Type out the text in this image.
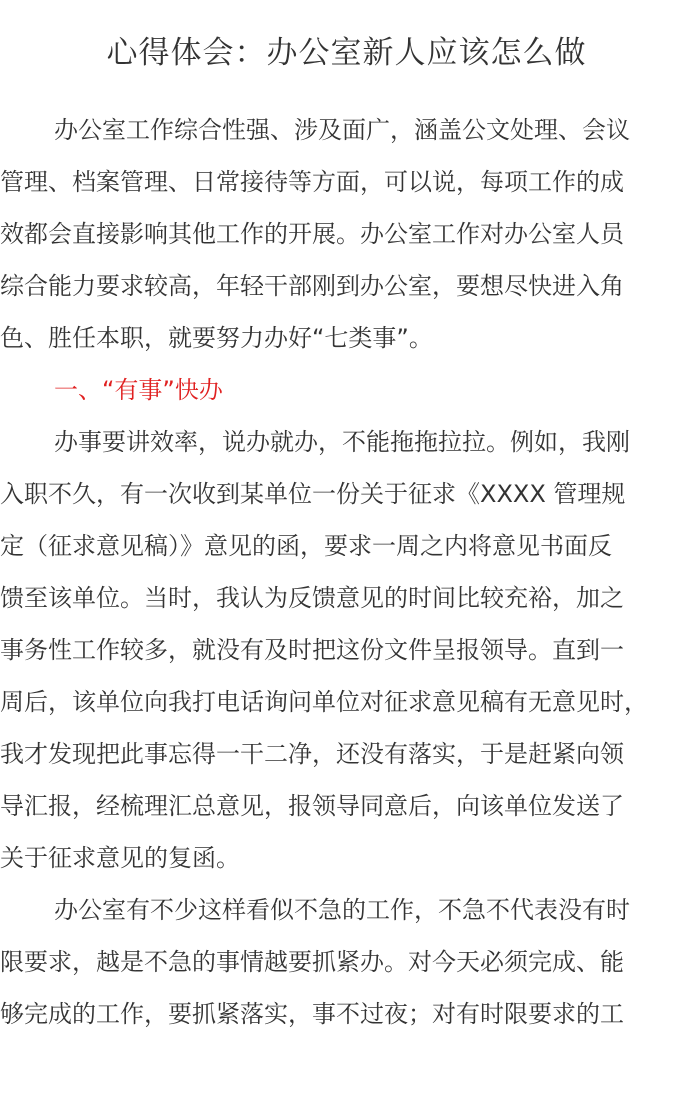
心得体会：办公室新人应该怎么做
办公室工作综合性强、涉及面广，涵盖公文处理、会议
管理、档案管理、日常接待等方面，可以说，每项工作的成
效都会直接影响其他工作的开展。办公室工作对办公室人员
综合能力要求较高，年轻干部刚到办公室，要想尽快进入角
色、胜任本职，就要努力办好“七类事”。
一、“有事”快办
办事要讲效率，说办就办，不能拖拖拉拉。例如，我刚
入职不久，有一次收到某单位一份关于征求《XXXX 管理规
定（征求意见稿）》意见的函，要求一周之内将意见书面反
馈至该单位。当时，我认为反馈意见的时间比较充裕，加之
事务性工作较多，就没有及时把这份文件呈报领导。直到一
周后，该单位向我打电话询问单位对征求意见稿有无意见时，
我才发现把此事忘得一干二净，还没有落实，于是赶紧向领
导汇报，经梳理汇总意见，报领导同意后，向该单位发送了
关于征求意见的复函。
办公室有不少这样看似不急的工作，不急不代表没有时
限要求，越是不急的事情越要抓紧办。对今天必须完成、能
够完成的工作，要抓紧落实，事不过夜；对有时限要求的工
